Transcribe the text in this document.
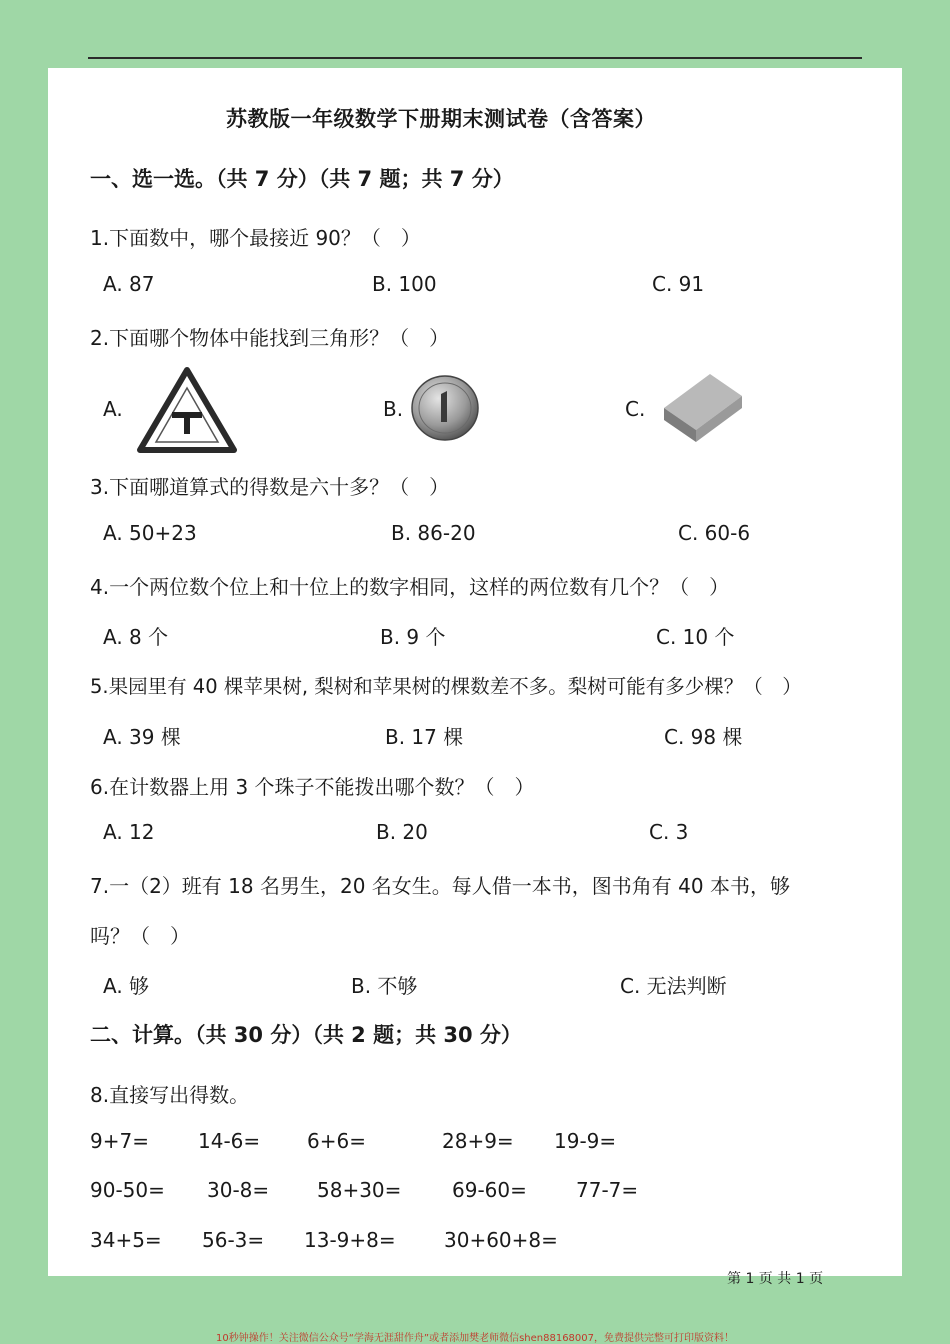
苏教版一年级数学下册期末测试卷（含答案）
一、选一选。（共 7 分）（共 7 题；共 7 分）
1.下面数中，哪个最接近 90？（　）
A. 87	B. 100	C. 91
2.下面哪个物体中能找到三角形？（　）
A.	B.	C.
3.下面哪道算式的得数是六十多？（　）
A. 50+23	B. 86-20	C. 60-6
4.一个两位数个位上和十位上的数字相同，这样的两位数有几个？（　）
A. 8 个	B. 9 个	C. 10 个
5.果园里有 40 棵苹果树, 梨树和苹果树的棵数差不多。梨树可能有多少棵？（　）
A. 39 棵	B. 17 棵	C. 98 棵
6.在计数器上用 3 个珠子不能拨出哪个数？（　）
A. 12	B. 20	C. 3
7.一（2）班有 18 名男生，20 名女生。每人借一本书，图书角有 40 本书，够
吗？（　）
A. 够	B. 不够	C. 无法判断
二、计算。（共 30 分）（共 2 题；共 30 分）
8.直接写出得数。
9+7= 14-6= 6+6=	28+9= 19-9=
90-50= 30-8= 58+30=	69-60= 77-7=
34+5= 56-3= 13-9+8= 30+60+8=
第 1 页 共 1 页
10秒钟操作！关注微信公众号“学海无涯甜作舟”或者添加樊老师微信shen88168007，免费提供完整可打印版资料！
